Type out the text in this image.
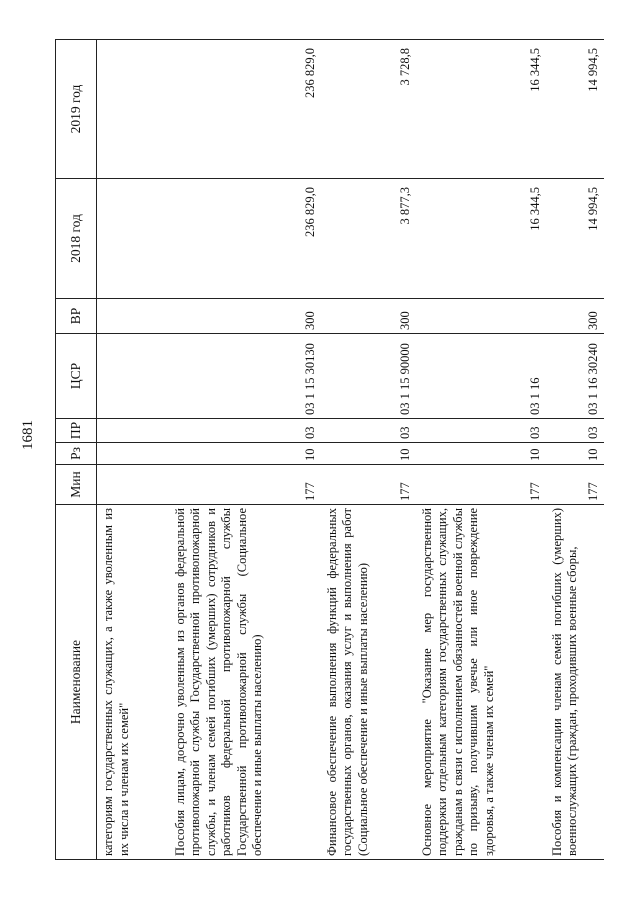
1681
Наименование	Мин	Рз	ПР	ЦСР	ВР	2018 год	2019 год
категориям государственных служащих, а также уволенным из их числа и членам их семей"							
Пособия лицам, досрочно уволенным из органов федеральной противопожарной службы Государственной противопожарной службы, и членам семей погибших (умерших) сотрудников и работников федеральной противопожарной службы Государственной противопожарной службы (Социальное обеспечение и иные выплаты населению)	177	10	03	03 1 15 30130	300	236 829,0	236 829,0
Финансовое обеспечение выполнения функций федеральных государственных органов, оказания услуг и выполнения работ (Социальное обеспечение и иные выплаты населению)	177	10	03	03 1 15 90000	300	3 877,3	3 728,8
Основное мероприятие "Оказание мер государственной поддержки отдельным категориям государственных служащих, гражданам в связи с исполнением обязанностей военной службы по призыву, получившим увечье или иное повреждение здоровья, а также членам их семей"	177	10	03	03 1 16		16 344,5	16 344,5
Пособия и компенсации членам семей погибших (умерших) военнослужащих (граждан, проходивших военные сборы,	177	10	03	03 1 16 30240	300	14 994,5	14 994,5
